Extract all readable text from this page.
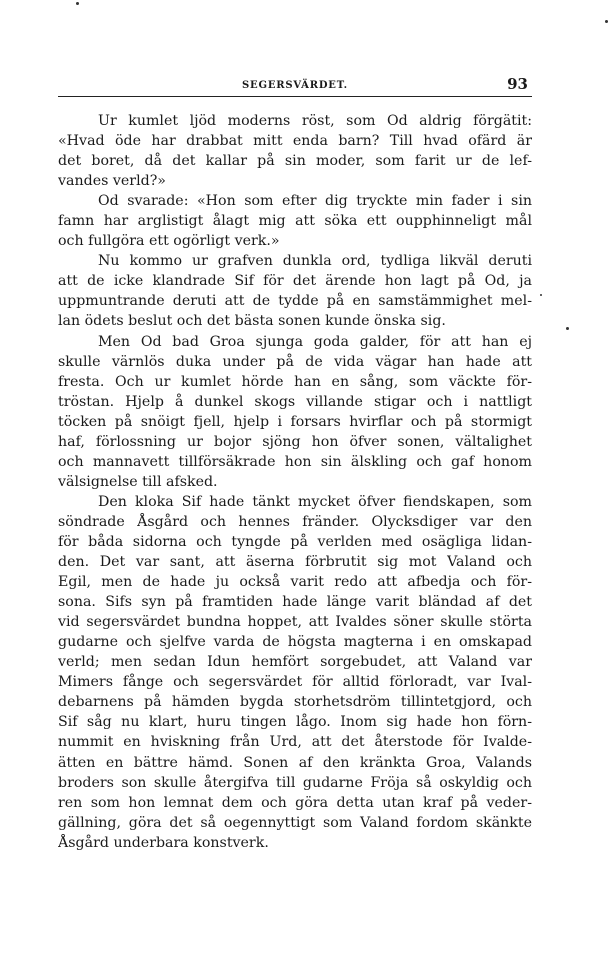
SEGERSVÄRDET.	93
Ur kumlet ljöd moderns röst, som Od aldrig förgätit:
«Hvad öde har drabbat mitt enda barn? Till hvad ofärd är
det boret, då det kallar på sin moder, som farit ur de lef-
vandes verld?»
Od svarade: «Hon som efter dig tryckte min fader i sin
famn har arglistigt ålagt mig att söka ett oupphinneligt mål
och fullgöra ett ogörligt verk.»
Nu kommo ur grafven dunkla ord, tydliga likväl deruti
att de icke klandrade Sif för det ärende hon lagt på Od, ja
uppmuntrande deruti att de tydde på en samstämmighet mel-
lan ödets beslut och det bästa sonen kunde önska sig.
Men Od bad Groa sjunga goda galder, för att han ej
skulle värnlös duka under på de vida vägar han hade att
fresta. Och ur kumlet hörde han en sång, som väckte för-
tröstan. Hjelp å dunkel skogs villande stigar och i nattligt
töcken på snöigt fjell, hjelp i forsars hvirflar och på stormigt
haf, förlossning ur bojor sjöng hon öfver sonen, vältalighet
och mannavett tillförsäkrade hon sin älskling och gaf honom
välsignelse till afsked.
Den kloka Sif hade tänkt mycket öfver fiendskapen, som
söndrade Åsgård och hennes fränder. Olycksdiger var den
för båda sidorna och tyngde på verlden med osägliga lidan-
den. Det var sant, att äserna förbrutit sig mot Valand och
Egil, men de hade ju också varit redo att afbedja och för-
sona. Sifs syn på framtiden hade länge varit bländad af det
vid segersvärdet bundna hoppet, att Ivaldes söner skulle störta
gudarne och sjelfve varda de högsta magterna i en omskapad
verld; men sedan Idun hemfört sorgebudet, att Valand var
Mimers fånge och segersvärdet för alltid förloradt, var Ival-
debarnens på hämden bygda storhetsdröm tillintetgjord, och
Sif såg nu klart, huru tingen lågo. Inom sig hade hon förn-
nummit en hviskning från Urd, att det återstode för Ivalde-
ätten en bättre hämd. Sonen af den kränkta Groa, Valands
broders son skulle återgifva till gudarne Fröja så oskyldig och
ren som hon lemnat dem och göra detta utan kraf på veder-
gällning, göra det så oegennyttigt som Valand fordom skänkte
Åsgård underbara konstverk.
